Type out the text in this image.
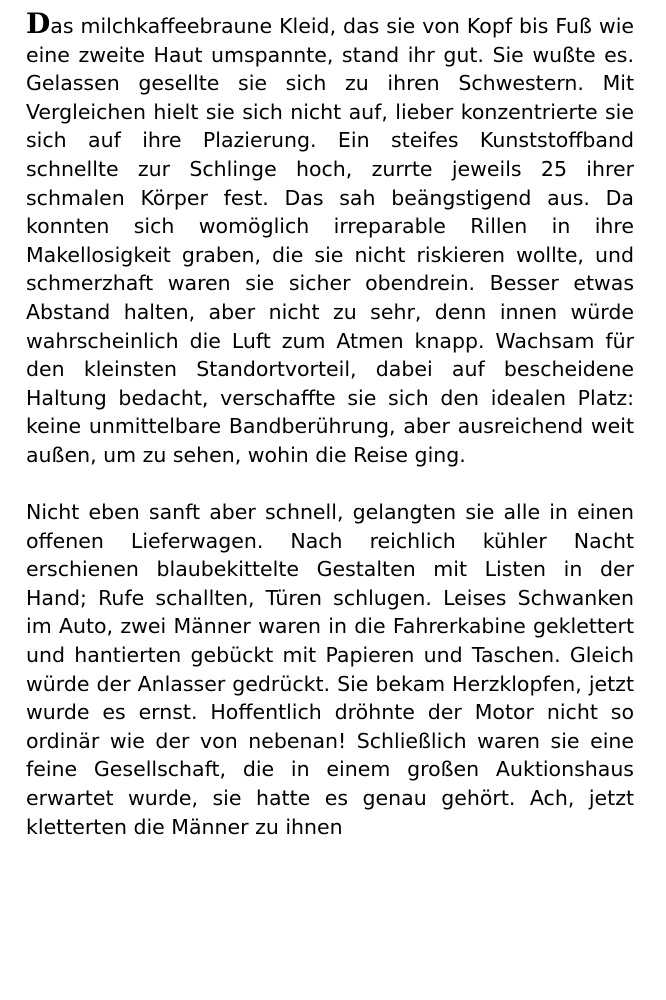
Das milchkaffeebraune Kleid, das sie von Kopf bis Fuß wie eine zweite Haut umspannte, stand ihr gut. Sie wußte es. Gelassen gesellte sie sich zu ihren Schwestern. Mit Vergleichen hielt sie sich nicht auf, lieber konzentrierte sie sich auf ihre Plazierung. Ein steifes Kunststoffband schnellte zur Schlinge hoch, zurrte jeweils 25 ihrer schmalen Körper fest. Das sah beängstigend aus. Da konnten sich womöglich irreparable Rillen in ihre Makellosigkeit graben, die sie nicht riskieren wollte, und schmerzhaft waren sie sicher obendrein. Besser etwas Abstand halten, aber nicht zu sehr, denn innen würde wahrscheinlich die Luft zum Atmen knapp. Wachsam für den kleinsten Standortvorteil, dabei auf bescheidene Haltung bedacht, verschaffte sie sich den idealen Platz: keine unmittelbare Bandberührung, aber ausreichend weit außen, um zu sehen, wohin die Reise ging.

Nicht eben sanft aber schnell, gelangten sie alle in einen offenen Lieferwagen. Nach reichlich kühler Nacht erschienen blaubekittelte Gestalten mit Listen in der Hand; Rufe schallten, Türen schlugen. Leises Schwanken im Auto, zwei Männer waren in die Fahrerkabine geklettert und hantierten gebückt mit Papieren und Taschen. Gleich würde der Anlasser gedrückt. Sie bekam Herzklopfen, jetzt wurde es ernst. Hoffentlich dröhnte der Motor nicht so ordinär wie der von nebenan! Schließlich waren sie eine feine Gesellschaft, die in einem großen Auktionshaus erwartet wurde, sie hatte es genau gehört. Ach, jetzt kletterten die Männer zu ihnen
